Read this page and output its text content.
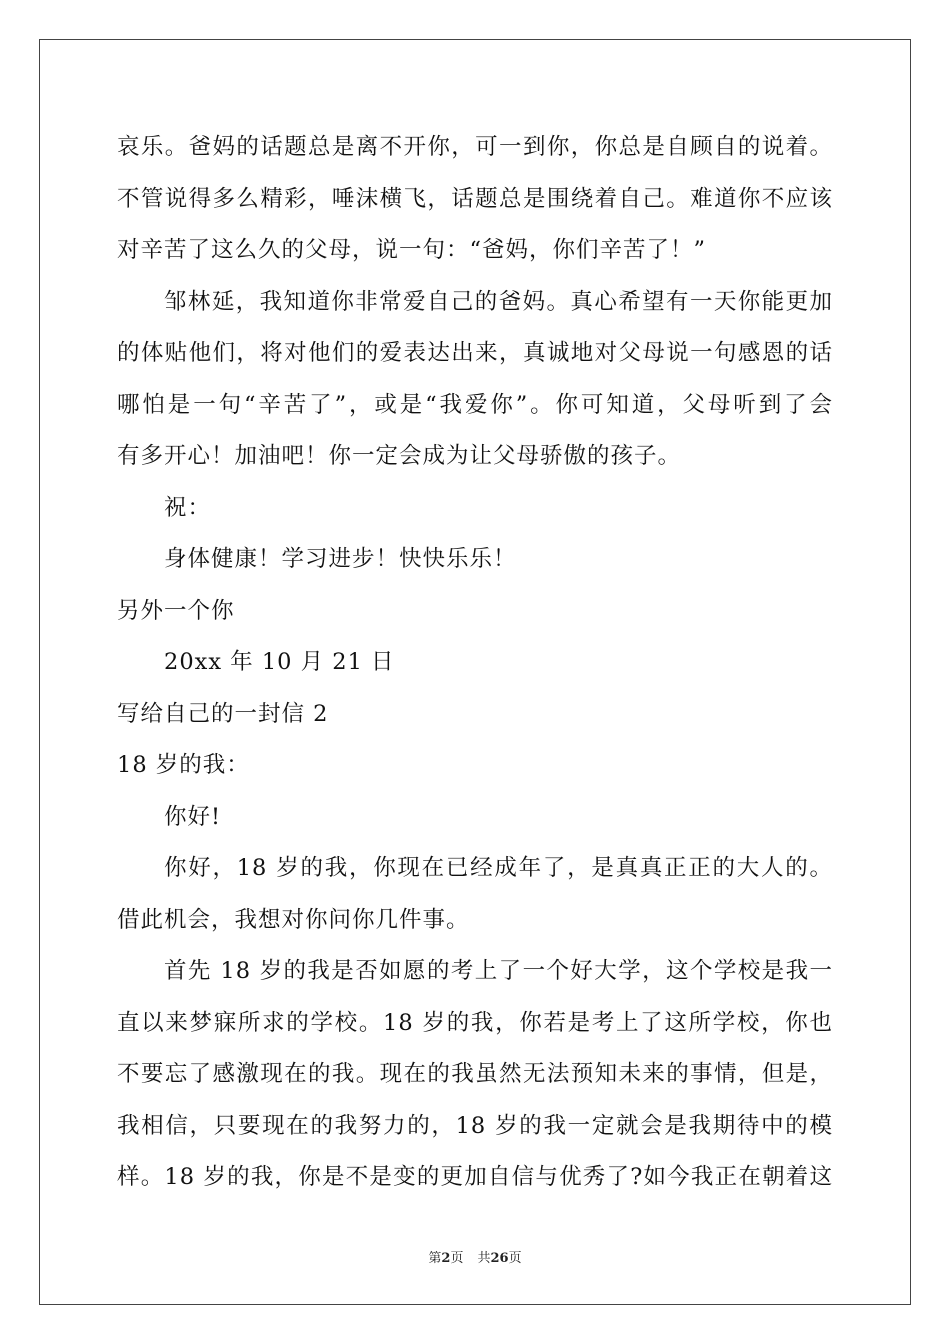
哀乐。爸妈的话题总是离不开你，可一到你，你总是自顾自的说着。
不管说得多么精彩，唾沫横飞，话题总是围绕着自己。难道你不应该
对辛苦了这么久的父母，说一句：“爸妈，你们辛苦了！”
邹林延，我知道你非常爱自己的爸妈。真心希望有一天你能更加
的体贴他们，将对他们的爱表达出来，真诚地对父母说一句感恩的话
哪怕是一句“辛苦了”，或是“我爱你”。你可知道，父母听到了会
有多开心！加油吧！你一定会成为让父母骄傲的孩子。
祝：
身体健康！学习进步！快快乐乐！
另外一个你
20xx 年 10 月 21 日
写给自己的一封信 2
18 岁的我：
你好!
你好，18 岁的我，你现在已经成年了，是真真正正的大人的。
借此机会，我想对你问你几件事。
首先 18 岁的我是否如愿的考上了一个好大学，这个学校是我一
直以来梦寐所求的学校。18 岁的我，你若是考上了这所学校，你也
不要忘了感激现在的我。现在的我虽然无法预知未来的事情，但是，
我相信，只要现在的我努力的，18 岁的我一定就会是我期待中的模
样。18 岁的我，你是不是变的更加自信与优秀了?如今我正在朝着这
第2页 共26页
